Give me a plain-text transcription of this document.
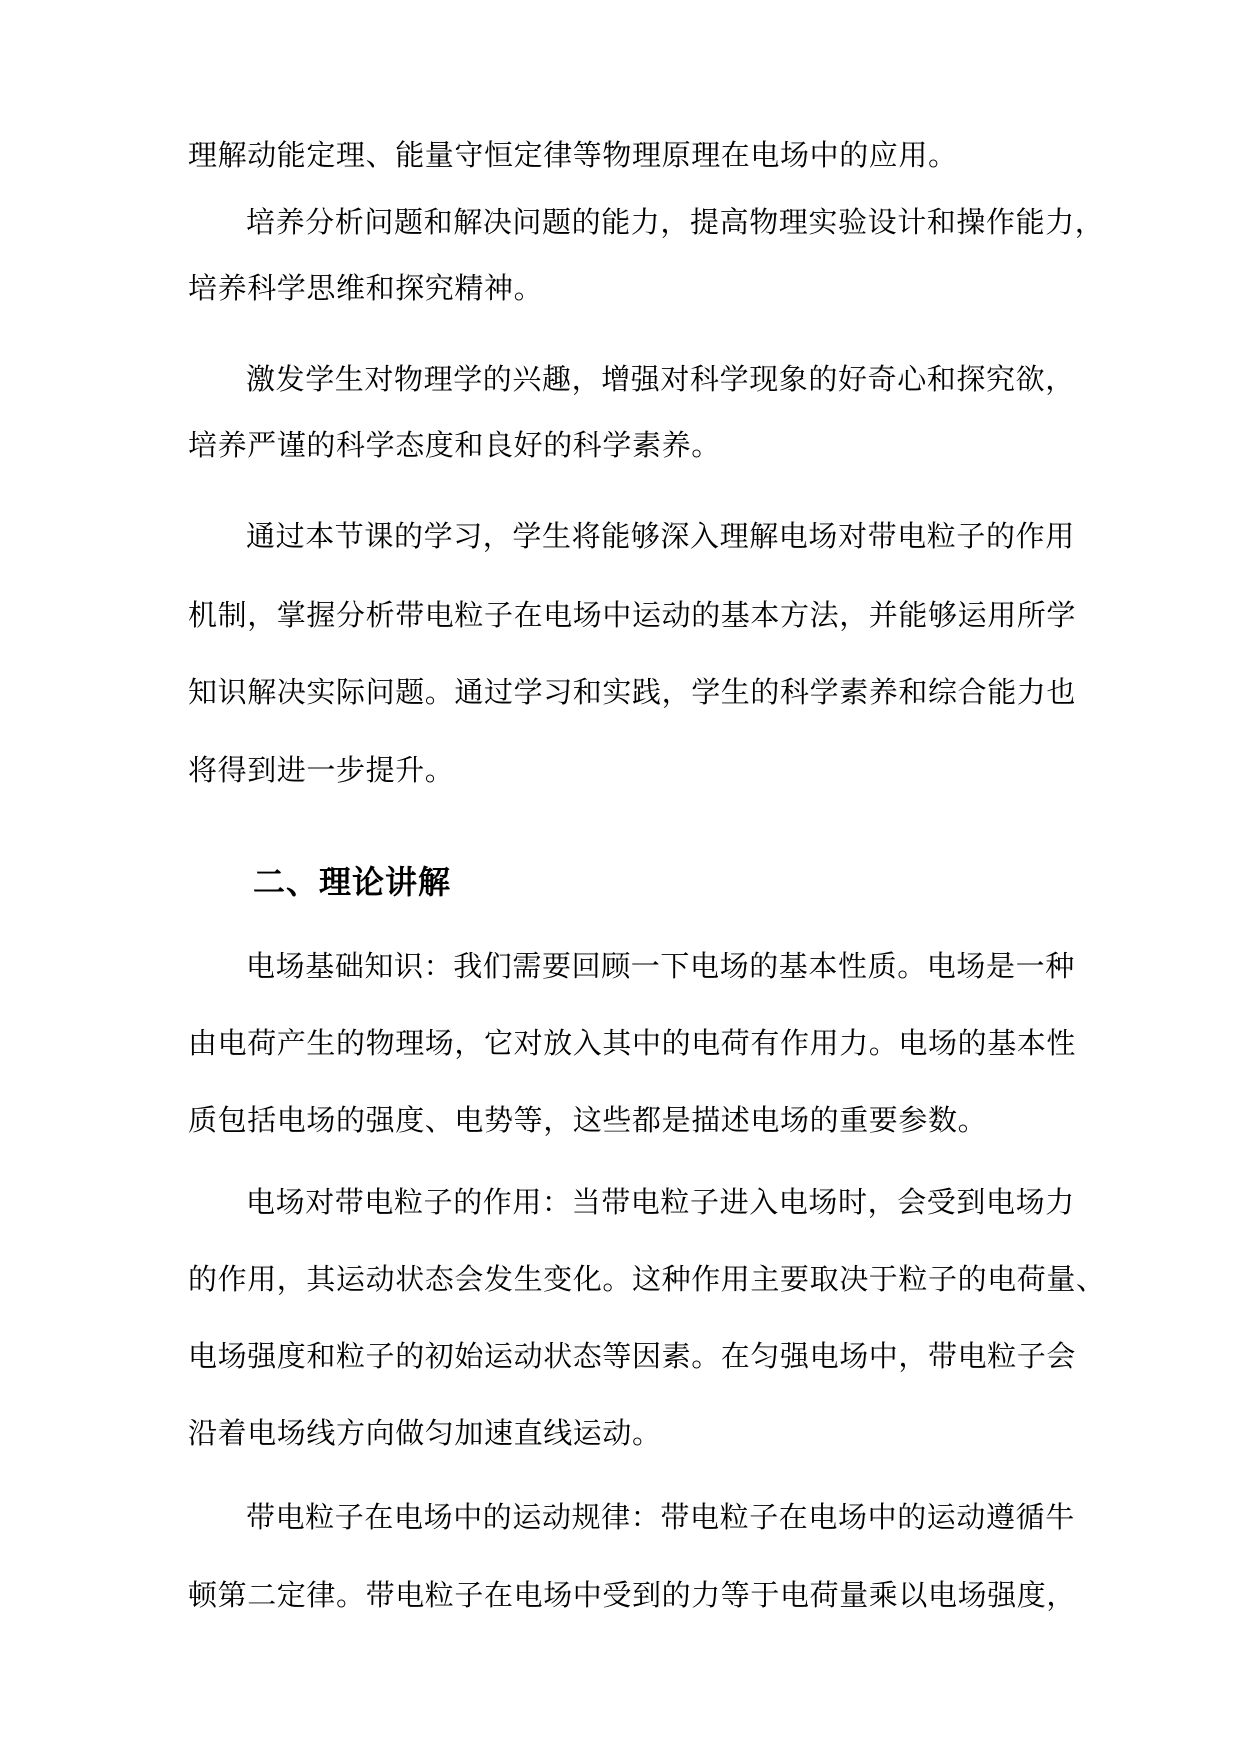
理解动能定理、能量守恒定律等物理原理在电场中的应用。
培养分析问题和解决问题的能力，提高物理实验设计和操作能力，
培养科学思维和探究精神。
激发学生对物理学的兴趣，增强对科学现象的好奇心和探究欲，
培养严谨的科学态度和良好的科学素养。
通过本节课的学习，学生将能够深入理解电场对带电粒子的作用
机制，掌握分析带电粒子在电场中运动的基本方法，并能够运用所学
知识解决实际问题。通过学习和实践，学生的科学素养和综合能力也
将得到进一步提升。
二、理论讲解
电场基础知识：我们需要回顾一下电场的基本性质。电场是一种
由电荷产生的物理场，它对放入其中的电荷有作用力。电场的基本性
质包括电场的强度、电势等，这些都是描述电场的重要参数。
电场对带电粒子的作用：当带电粒子进入电场时，会受到电场力
的作用，其运动状态会发生变化。这种作用主要取决于粒子的电荷量、
电场强度和粒子的初始运动状态等因素。在匀强电场中，带电粒子会
沿着电场线方向做匀加速直线运动。
带电粒子在电场中的运动规律：带电粒子在电场中的运动遵循牛
顿第二定律。带电粒子在电场中受到的力等于电荷量乘以电场强度，
